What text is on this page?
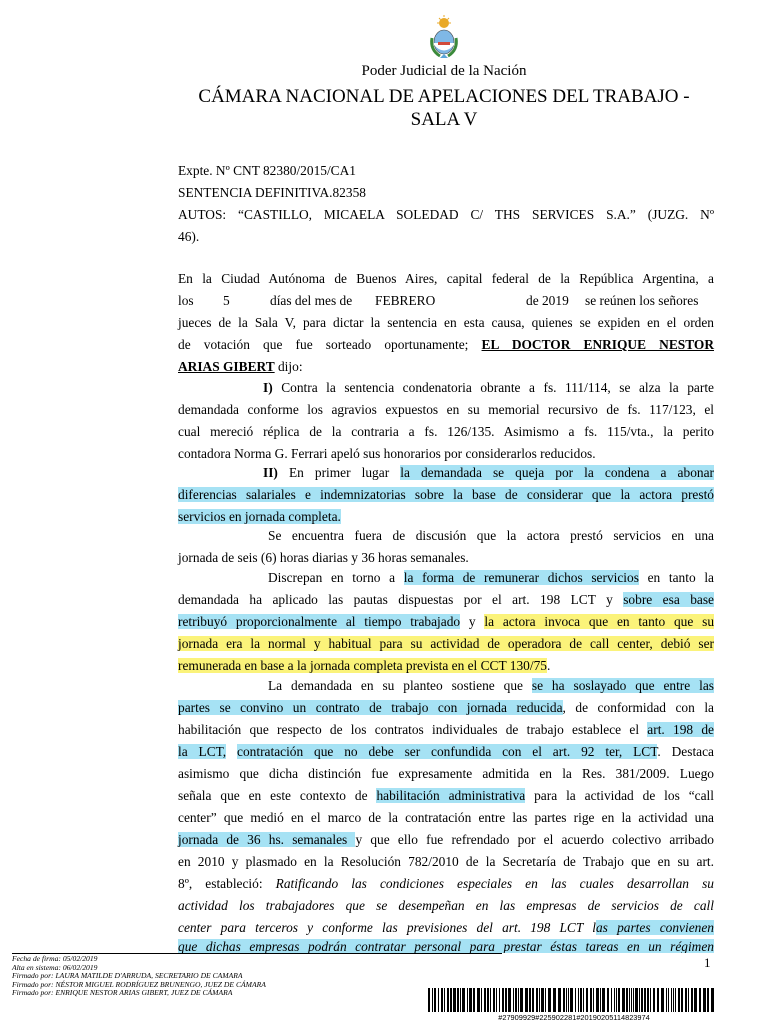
Poder Judicial de la Nación
CÁMARA NACIONAL DE APELACIONES DEL TRABAJO -
SALA V
Expte. Nº CNT 82380/2015/CA1
SENTENCIA DEFINITIVA.82358
AUTOS: “CASTILLO, MICAELA SOLEDAD C/ THS SERVICES S.A.” (JUZG. Nº
46).
En la Ciudad Autónoma de Buenos Aires, capital federal de la República Argentina, a
los 5	días del mes de FEBRERO	de 2019 se reúnen los señores
jueces de la Sala V, para dictar la sentencia en esta causa, quienes se expiden en el orden
de votación que fue sorteado oportunamente; EL DOCTOR ENRIQUE NESTOR
ARIAS GIBERT dijo:
I) Contra la sentencia condenatoria obrante a fs. 111/114, se alza la parte
demandada conforme los agravios expuestos en su memorial recursivo de fs. 117/123, el
cual mereció réplica de la contraria a fs. 126/135. Asimismo a fs. 115/vta., la perito
contadora Norma G. Ferrari apeló sus honorarios por considerarlos reducidos.
II) En primer lugar la demandada se queja por la condena a abonar
diferencias salariales e indemnizatorias sobre la base de considerar que la actora prestó
servicios en jornada completa.
Se encuentra fuera de discusión que la actora prestó servicios en una
jornada de seis (6) horas diarias y 36 horas semanales.
Discrepan en torno a la forma de remunerar dichos servicios en tanto la
demandada ha aplicado las pautas dispuestas por el art. 198 LCT y sobre esa base
retribuyó proporcionalmente al tiempo trabajado y la actora invoca que en tanto que su
jornada era la normal y habitual para su actividad de operadora de call center, debió ser
remunerada en base a la jornada completa prevista en el CCT 130/75.
La demandada en su planteo sostiene que se ha soslayado que entre las
partes se convino un contrato de trabajo con jornada reducida, de conformidad con la
habilitación que respecto de los contratos individuales de trabajo establece el art. 198 de
la LCT, contratación que no debe ser confundida con el art. 92 ter, LCT. Destaca
asimismo que dicha distinción fue expresamente admitida en la Res. 381/2009. Luego
señala que en este contexto de habilitación administrativa para la actividad de los “call
center” que medió en el marco de la contratación entre las partes rige en la actividad una
jornada de 36 hs. semanales y que ello fue refrendado por el acuerdo colectivo arribado
en 2010 y plasmado en la Resolución 782/2010 de la Secretaría de Trabajo que en su art.
8º, estableció: Ratificando las condiciones especiales en las cuales desarrollan su
actividad los trabajadores que se desempeñan en las empresas de servicios de call
center para terceros y conforme las previsiones del art. 198 LCT las partes convienen
que dichas empresas podrán contratar personal para prestar éstas tareas en un régimen
Fecha de firma: 05/02/2019
Alta en sistema: 06/02/2019
Firmado por: LAURA MATILDE D'ARRUDA, SECRETARIO DE CAMARA
Firmado por: NÉSTOR MIGUEL RODRÍGUEZ BRUNENGO, JUEZ DE CÁMARA
Firmado por: ENRIQUE NESTOR ARIAS GIBERT, JUEZ DE CÁMARA
1
#27909929#225902281#20190205114823974
